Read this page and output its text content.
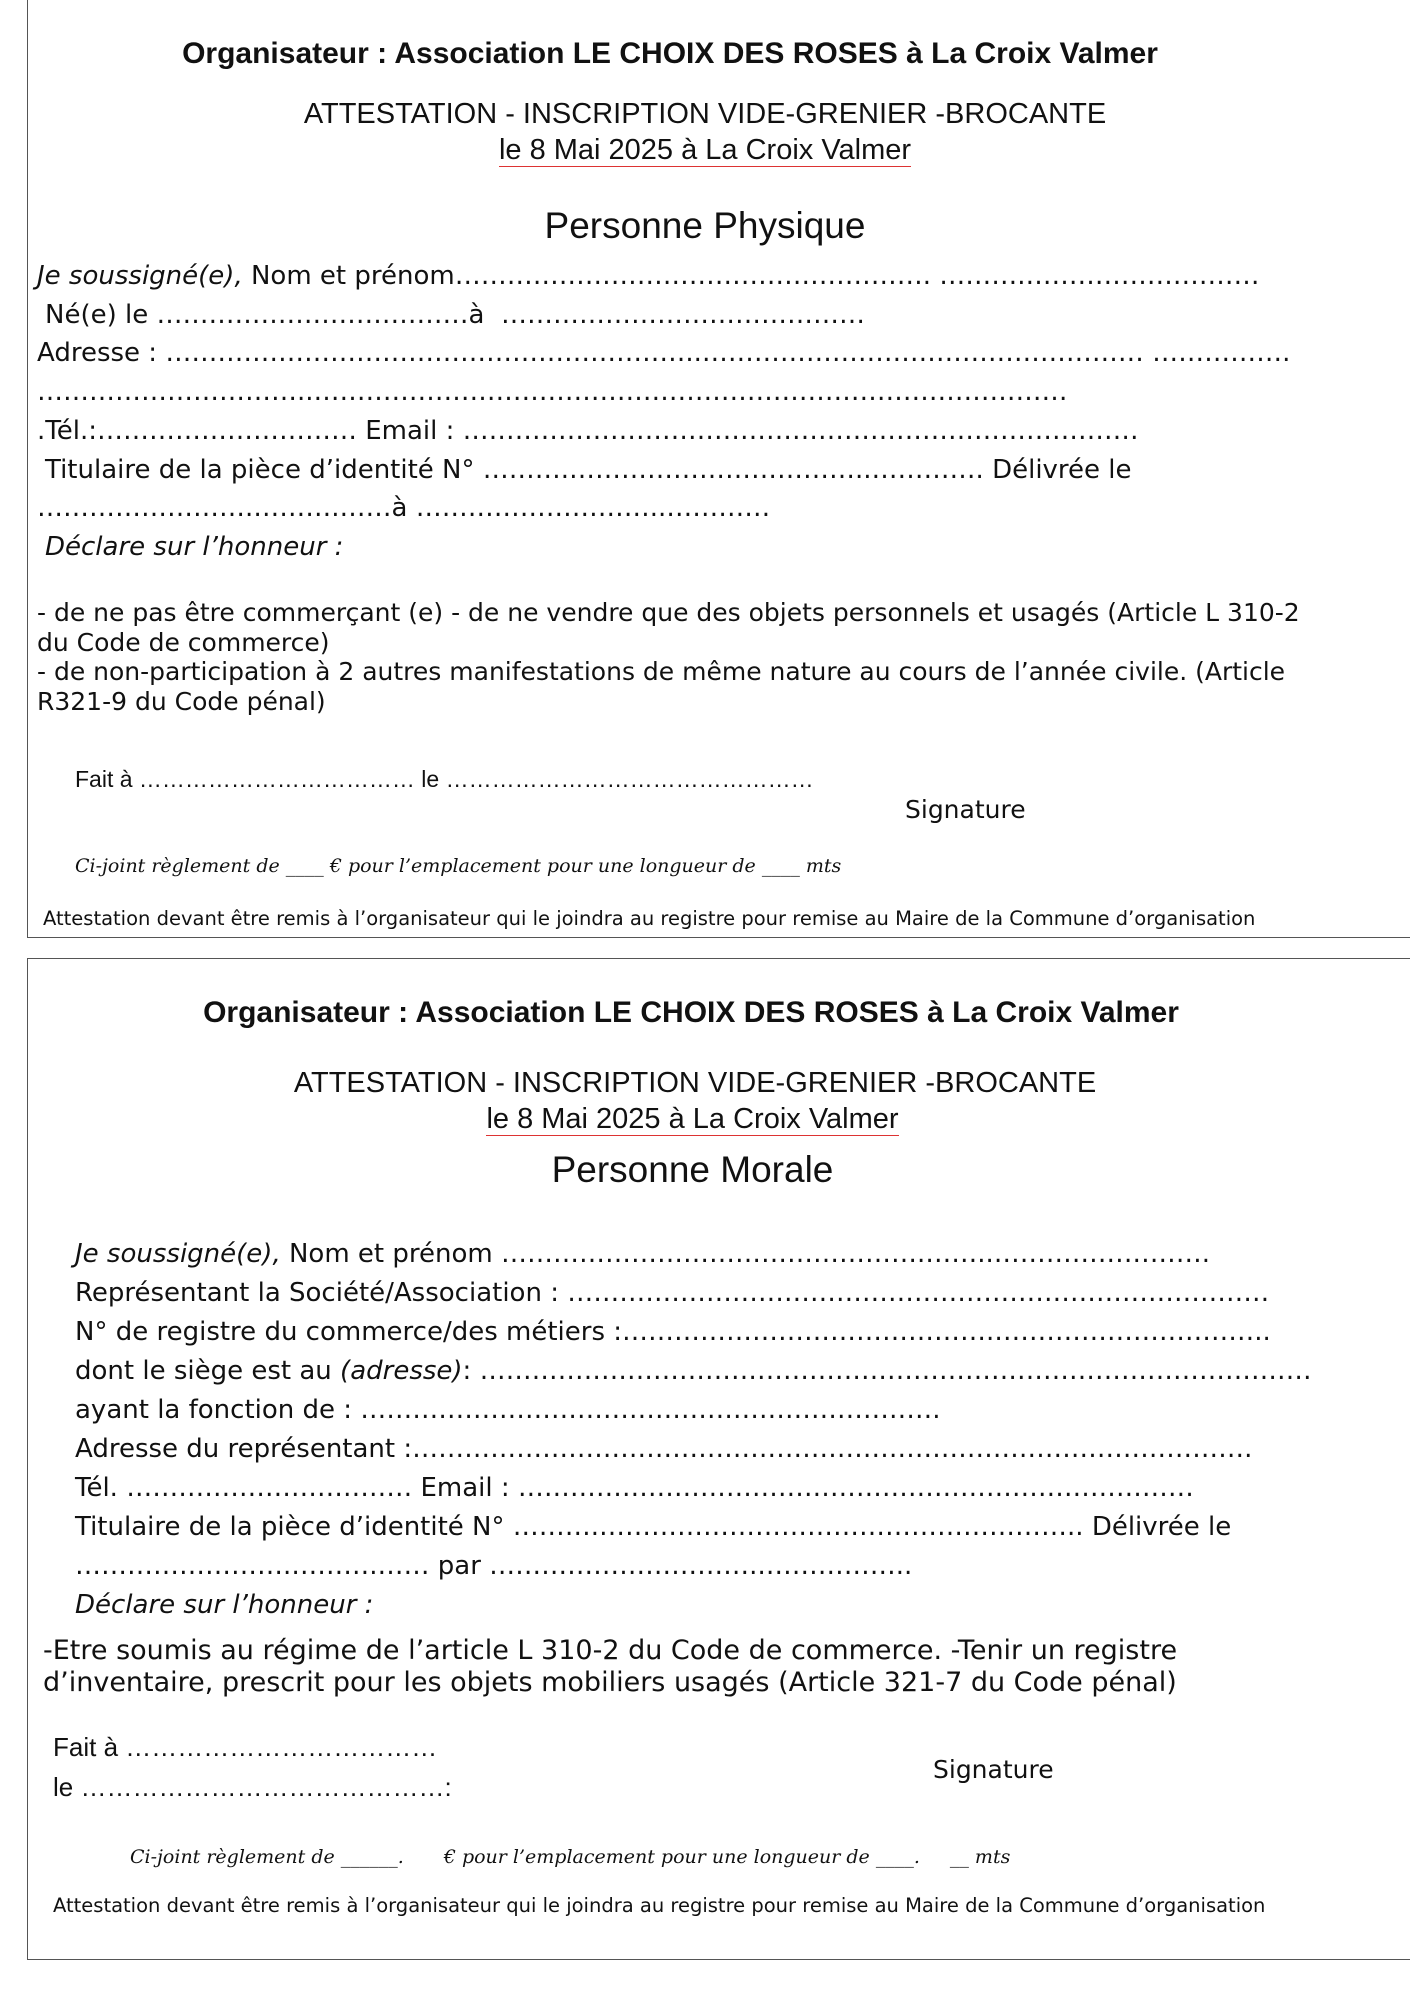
Organisateur : Association LE CHOIX DES ROSES à La Croix Valmer
ATTESTATION - INSCRIPTION VIDE-GRENIER -BROCANTE
le 8 Mai 2025 à La Croix Valmer
Personne Physique
Je soussigné(e), Nom et prénom………………………………………………. ……….………………………
Né(e) le ………………………………à  ……………………………………
Adresse : ……………………………………………………..…………………………………………… …………….
…………………………..……………………………………………………………………………
.Tél.:………………………… Email : ……………………………………………………………………
Titulaire de la pièce d’identité N° ……….……………………………..…………. Délivrée le
…………………….……….……à ………………………..…………
Déclare sur l’honneur :
- de ne pas être commerçant (e) - de ne vendre que des objets personnels et usagés (Article L 310-2 du Code de commerce)
- de non-participation à 2 autres manifestations de même nature au cours de l’année civile. (Article R321-9 du Code pénal)
Fait à ……………………………… le …………………………………………
Signature
Ci-joint règlement de ____ € pour l’emplacement pour une longueur de ____ mts
Attestation devant être remis à l’organisateur qui le joindra au registre pour remise au Maire de la Commune d’organisation
Organisateur : Association LE CHOIX DES ROSES à La Croix Valmer
ATTESTATION - INSCRIPTION VIDE-GRENIER -BROCANTE
le 8 Mai 2025 à La Croix Valmer
Personne Morale
Je soussigné(e), Nom et prénom ………………………………………….……..…………………….
Représentant la Société/Association : ………………………………………………………………………
N° de registre du commerce/des métiers :…………………………………….…………………………..
dont le siège est au (adresse): ……………………………………………………………………………………
ayant la fonction de : ………………………………………………………….
Adresse du représentant :…………………………………………………………………………………….
Tél. …………………………… Email : ……………………………………………………………………
Titulaire de la pièce d’identité N° ……….……………………………………………….. Délivrée le
…………………….……….…… par …………………………..……………..
Déclare sur l’honneur :
-Etre soumis au régime de l’article L 310-2 du Code de commerce. -Tenir un registre d’inventaire, prescrit pour les objets mobiliers usagés (Article 321-7 du Code pénal)
Fait à ………………………………
le ……………………………………:
Signature
Ci-joint règlement de ______. € pour l’emplacement pour une longueur de ____. __ mts
Attestation devant être remis à l’organisateur qui le joindra au registre pour remise au Maire de la Commune d’organisation
